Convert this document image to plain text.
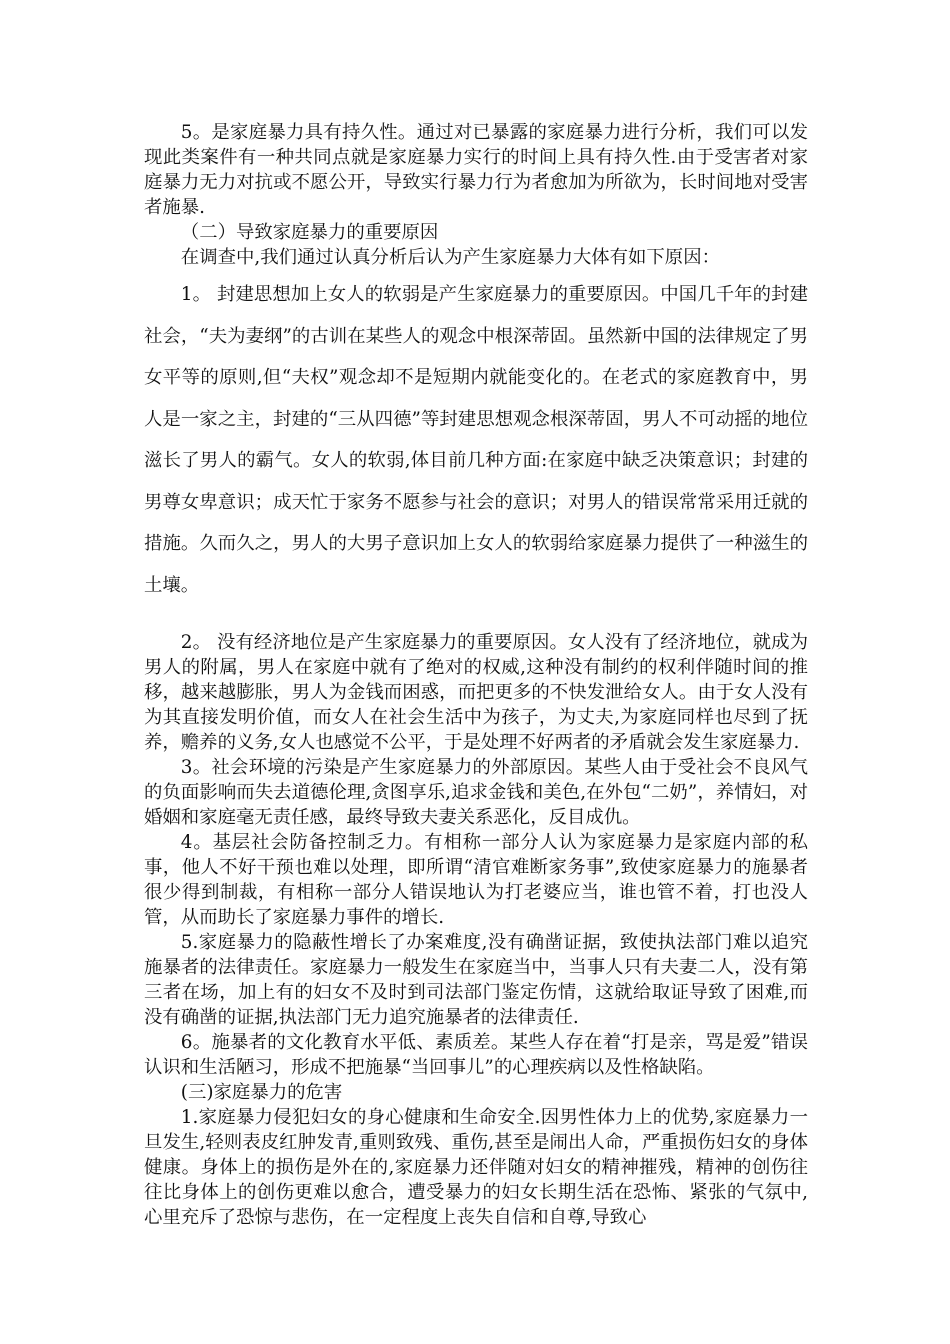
5。是家庭暴力具有持久性。通过对已暴露的家庭暴力进行分析，我们可以发现此类案件有一种共同点就是家庭暴力实行的时间上具有持久性.由于受害者对家庭暴力无力对抗或不愿公开，导致实行暴力行为者愈加为所欲为，长时间地对受害者施暴.

（二）导致家庭暴力的重要原因

在调查中,我们通过认真分析后认为产生家庭暴力大体有如下原因：

1。 封建思想加上女人的软弱是产生家庭暴力的重要原因。中国几千年的封建社会，“夫为妻纲”的古训在某些人的观念中根深蒂固。虽然新中国的法律规定了男女平等的原则,但“夫权”观念却不是短期内就能变化的。在老式的家庭教育中，男人是一家之主，封建的“三从四德”等封建思想观念根深蒂固，男人不可动摇的地位滋长了男人的霸气。女人的软弱,体目前几种方面:在家庭中缺乏决策意识；封建的男尊女卑意识；成天忙于家务不愿参与社会的意识；对男人的错误常常采用迁就的措施。久而久之，男人的大男子意识加上女人的软弱给家庭暴力提供了一种滋生的土壤。

2。 没有经济地位是产生家庭暴力的重要原因。女人没有了经济地位，就成为男人的附属，男人在家庭中就有了绝对的权威,这种没有制约的权利伴随时间的推移，越来越膨胀，男人为金钱而困惑，而把更多的不快发泄给女人。由于女人没有为其直接发明价值，而女人在社会生活中为孩子，为丈夫,为家庭同样也尽到了抚养，赡养的义务,女人也感觉不公平，于是处理不好两者的矛盾就会发生家庭暴力.

3。社会环境的污染是产生家庭暴力的外部原因。某些人由于受社会不良风气的负面影响而失去道德伦理,贪图享乐,追求金钱和美色,在外包“二奶”，养情妇，对婚姻和家庭毫无责任感，最终导致夫妻关系恶化，反目成仇。

4。基层社会防备控制乏力。有相称一部分人认为家庭暴力是家庭内部的私事，他人不好干预也难以处理，即所谓“清官难断家务事”,致使家庭暴力的施暴者很少得到制裁，有相称一部分人错误地认为打老婆应当，谁也管不着，打也没人管，从而助长了家庭暴力事件的增长.

5.家庭暴力的隐蔽性增长了办案难度,没有确凿证据，致使执法部门难以追究施暴者的法律责任。家庭暴力一般发生在家庭当中，当事人只有夫妻二人，没有第三者在场，加上有的妇女不及时到司法部门鉴定伤情，这就给取证导致了困难,而没有确凿的证据,执法部门无力追究施暴者的法律责任.

6。施暴者的文化教育水平低、素质差。某些人存在着“打是亲，骂是爱”错误认识和生活陋习，形成不把施暴“当回事儿”的心理疾病以及性格缺陷。

(三)家庭暴力的危害

1.家庭暴力侵犯妇女的身心健康和生命安全.因男性体力上的优势,家庭暴力一旦发生,轻则表皮红肿发青,重则致残、重伤,甚至是闹出人命，严重损伤妇女的身体健康。身体上的损伤是外在的,家庭暴力还伴随对妇女的精神摧残，精神的创伤往往比身体上的创伤更难以愈合，遭受暴力的妇女长期生活在恐怖、紧张的气氛中,心里充斥了恐惊与悲伤，在一定程度上丧失自信和自尊,导致心
